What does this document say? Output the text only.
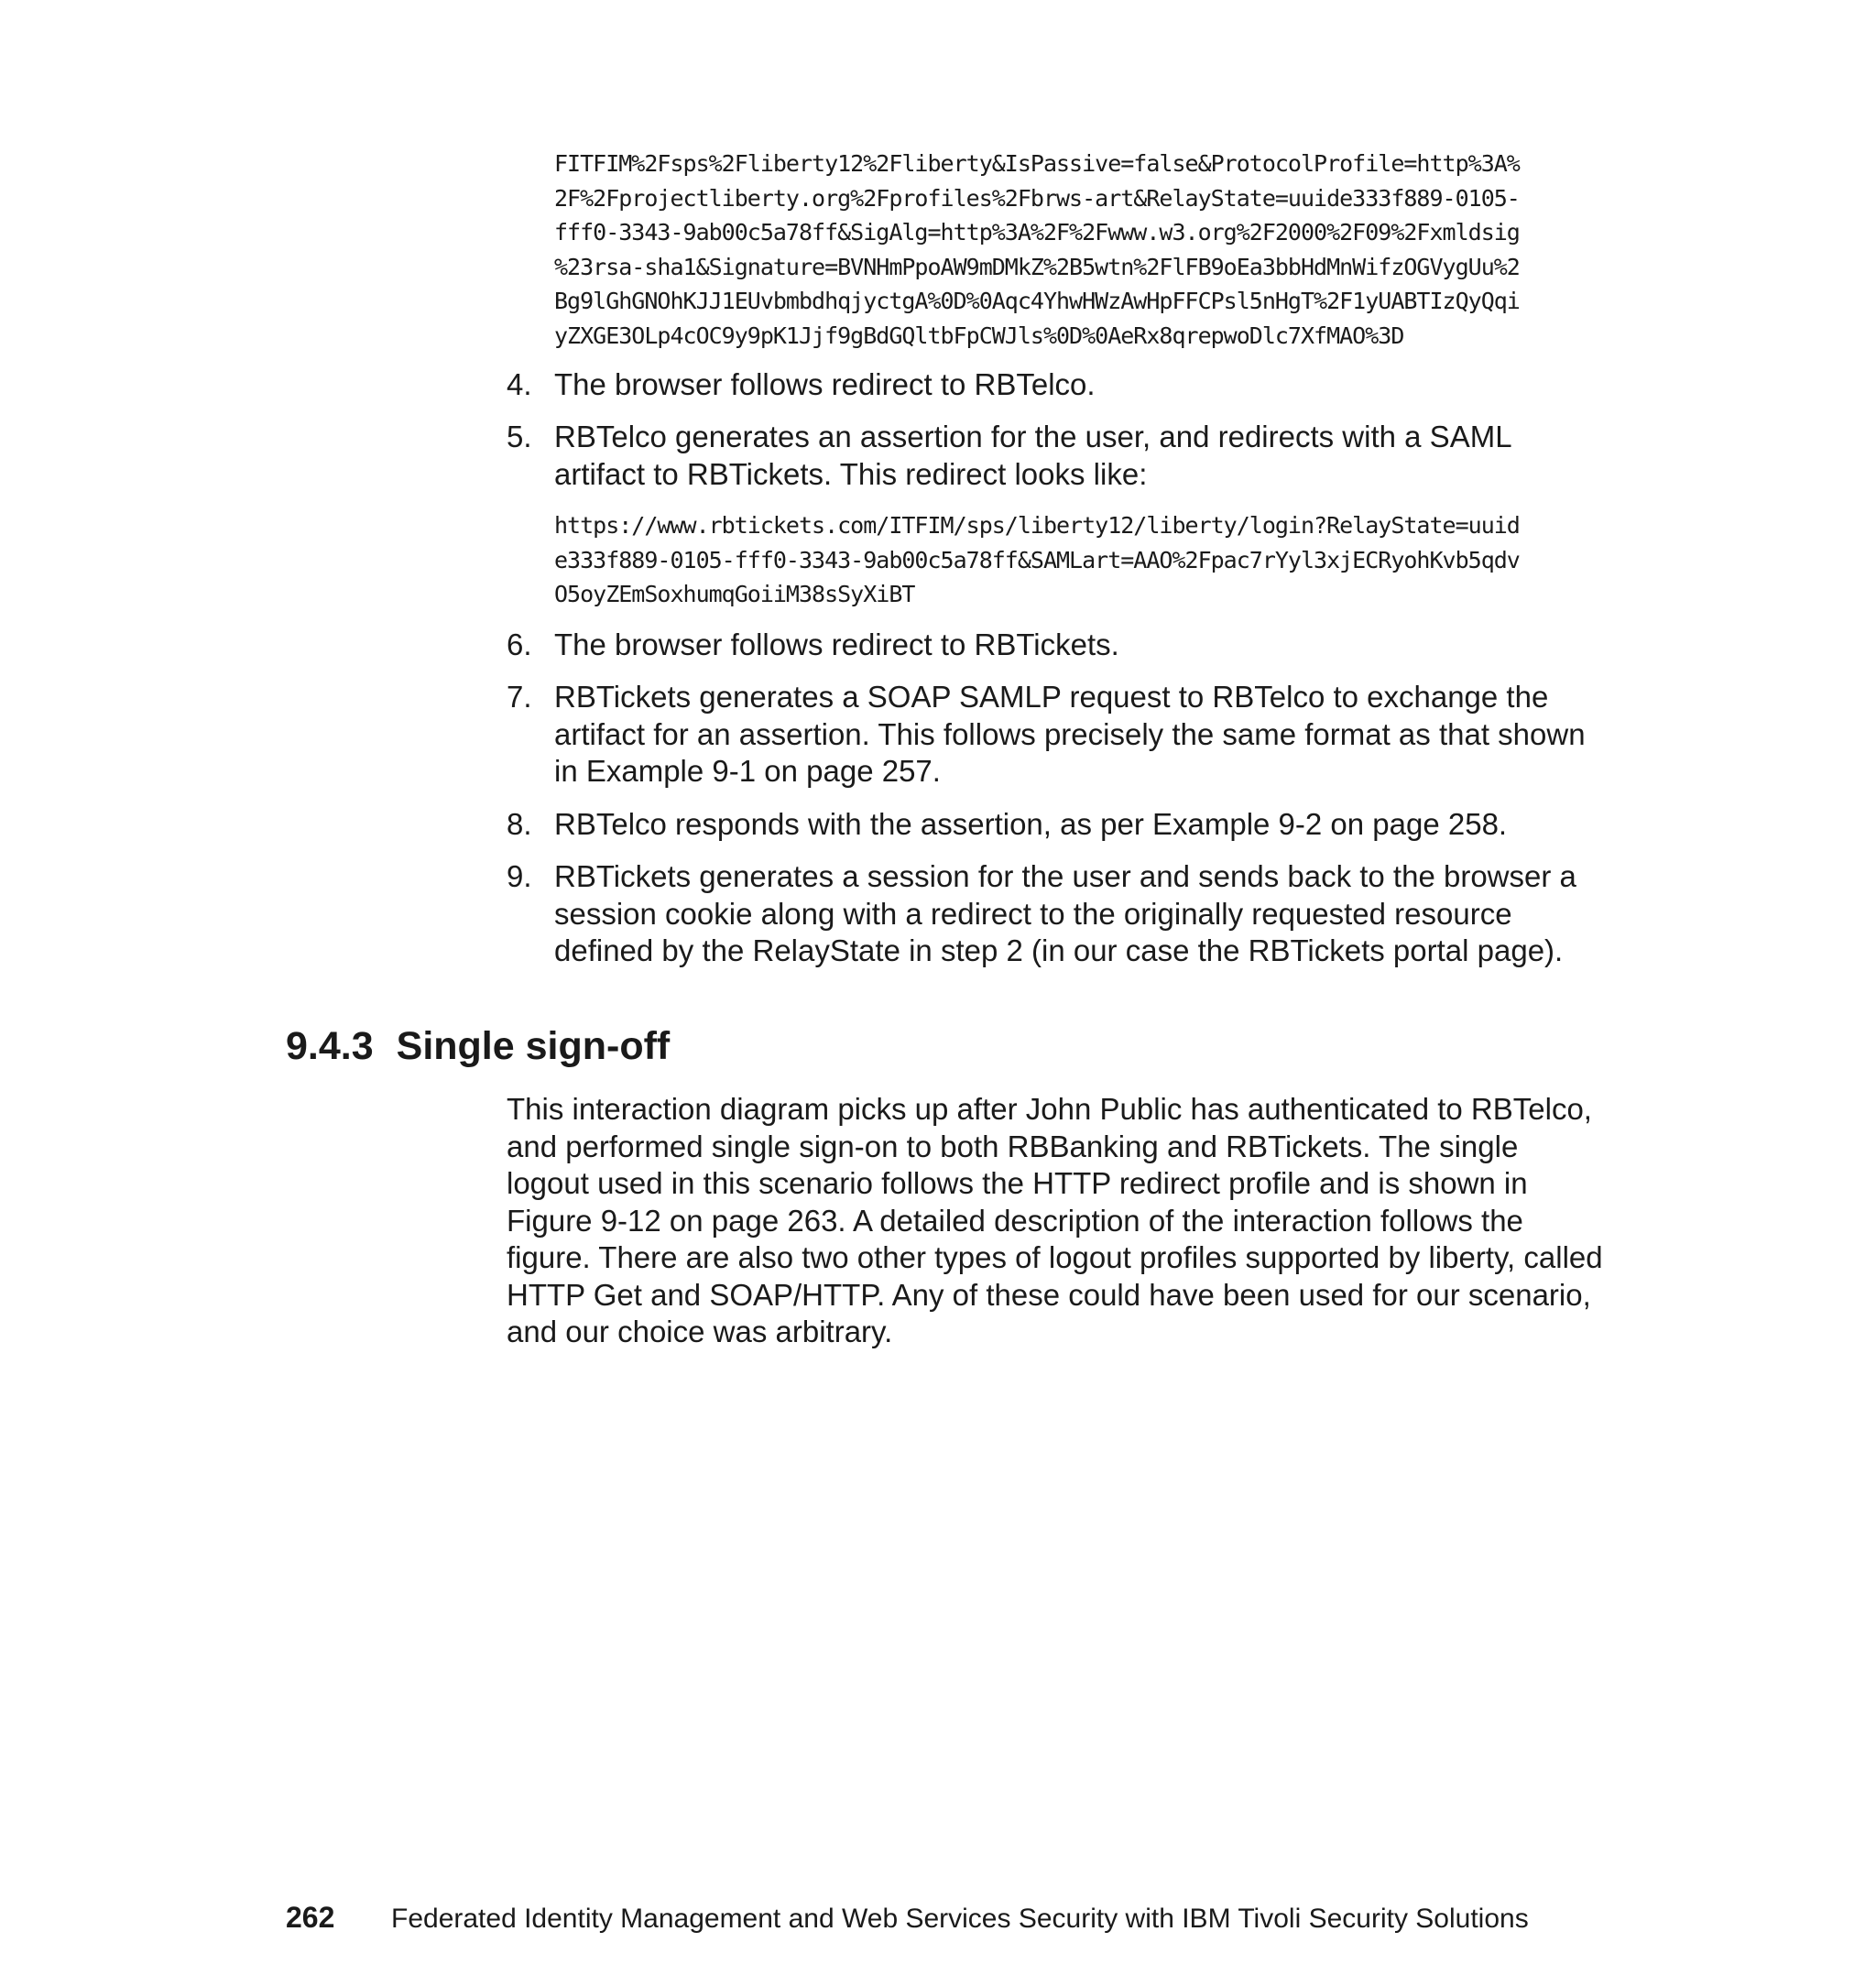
FITFIM%2Fsps%2Fliberty12%2Fliberty&IsPassive=false&ProtocolProfile=http%3A%
2F%2Fprojectliberty.org%2Fprofiles%2Fbrws-art&RelayState=uuide333f889-0105-
fff0-3343-9ab00c5a78ff&SigAlg=http%3A%2F%2Fwww.w3.org%2F2000%2F09%2Fxmldsig
%23rsa-sha1&Signature=BVNHmPpoAW9mDMkZ%2B5wtn%2FlFB9oEa3bbHdMnWifzOGVygUu%2
Bg9lGhGNOhKJJ1EUvbmbdhqjyctgA%0D%0Aqc4YhwHWzAwHpFFCPsl5nHgT%2F1yUABTIzQyQqi
yZXGE3OLp4cOC9y9pK1Jjf9gBdGQltbFpCWJls%0D%0AeRx8qrepwoDlc7XfMAO%3D
4. The browser follows redirect to RBTelco.
5. RBTelco generates an assertion for the user, and redirects with a SAML artifact to RBTickets. This redirect looks like:
https://www.rbtickets.com/ITFIM/sps/liberty12/liberty/login?RelayState=uuid
e333f889-0105-fff0-3343-9ab00c5a78ff&SAMLart=AAO%2Fpac7rYyl3xjECRyohKvb5qdv
O5oyZEmSoxhumqGoiiM38sSyXiBT
6. The browser follows redirect to RBTickets.
7. RBTickets generates a SOAP SAMLP request to RBTelco to exchange the artifact for an assertion. This follows precisely the same format as that shown in Example 9-1 on page 257.
8. RBTelco responds with the assertion, as per Example 9-2 on page 258.
9. RBTickets generates a session for the user and sends back to the browser a session cookie along with a redirect to the originally requested resource defined by the RelayState in step 2 (in our case the RBTickets portal page).
9.4.3 Single sign-off

This interaction diagram picks up after John Public has authenticated to RBTelco, and performed single sign-on to both RBBanking and RBTickets. The single logout used in this scenario follows the HTTP redirect profile and is shown in Figure 9-12 on page 263. A detailed description of the interaction follows the figure. There are also two other types of logout profiles supported by liberty, called HTTP Get and SOAP/HTTP. Any of these could have been used for our scenario, and our choice was arbitrary.

262 Federated Identity Management and Web Services Security with IBM Tivoli Security Solutions
